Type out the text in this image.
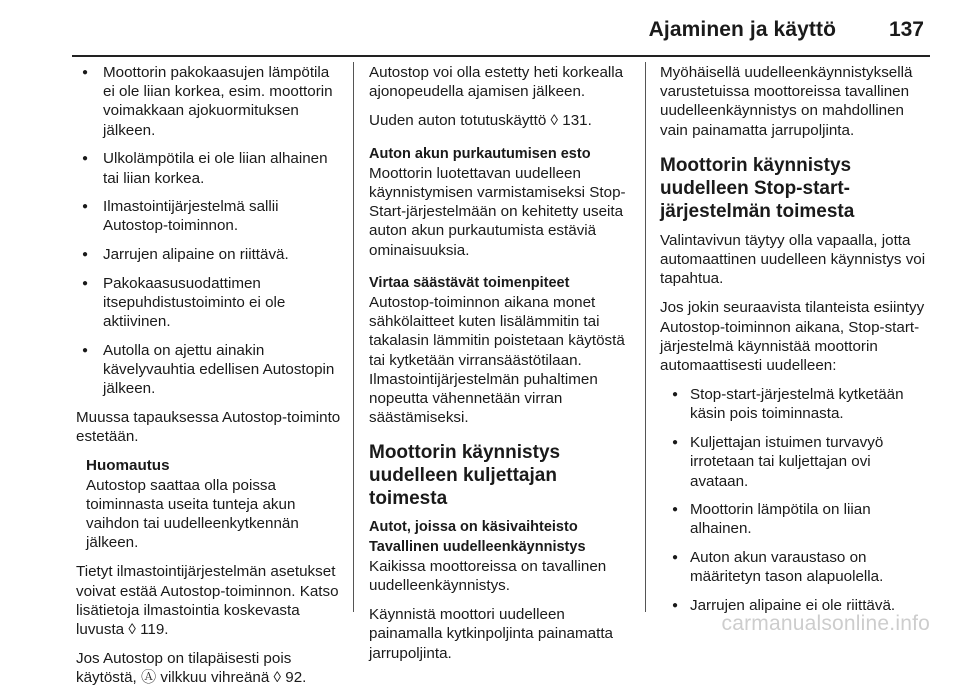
Ajaminen ja käyttö	137
● Moottorin pakokaasujen lämpötila ei ole liian korkea, esim. moottorin voimakkaan ajokuormituksen jälkeen.
● Ulkolämpötila ei ole liian alhainen tai liian korkea.
● Ilmastointijärjestelmä sallii Autostop-toiminnon.
● Jarrujen alipaine on riittävä.
● Pakokaasusuodattimen itsepuhdistustoiminto ei ole aktiivinen.
● Autolla on ajettu ainakin kävelyvauhtia edellisen Autostopin jälkeen.

Muussa tapauksessa Autostop-toiminto estetään.

Huomautus
Autostop saattaa olla poissa toiminnasta useita tunteja akun vaihdon tai uudelleenkytkennän jälkeen.

Tietyt ilmastointijärjestelmän asetukset voivat estää Autostop-toiminnon. Katso lisätietoja ilmastointia koskevasta luvusta ◊ 119.

Jos Autostop on tilapäisesti pois käytöstä, Ⓐ vilkkuu vihreänä ◊ 92.

Autostop voi olla estetty heti korkealla ajonopeudella ajamisen jälkeen.

Uuden auton totutuskäyttö ◊ 131.

Auton akun purkautumisen esto

Moottorin luotettavan uudelleen käynnistymisen varmistamiseksi Stop-Start-järjestelmään on kehitetty useita auton akun purkautumista estäviä ominaisuuksia.

Virtaa säästävät toimenpiteet

Autostop-toiminnon aikana monet sähkölaitteet kuten lisälämmitin tai takalasin lämmitin poistetaan käytöstä tai kytketään virransäästötilaan. Ilmastointijärjestelmän puhaltimen nopeutta vähennetään virran säästämiseksi.

Moottorin käynnistys uudelleen kuljettajan toimesta

Autot, joissa on käsivaihteisto

Tavallinen uudelleenkäynnistys

Kaikissa moottoreissa on tavallinen uudelleenkäynnistys.

Käynnistä moottori uudelleen painamalla kytkinpoljinta painamatta jarrupoljinta.

Myöhäisellä uudelleenkäynnistyksellä varustetuissa moottoreissa tavallinen uudelleenkäynnistys on mahdollinen vain painamatta jarrupoljinta.

Moottorin käynnistys uudelleen Stop-start-järjestelmän toimesta

Valintavivun täytyy olla vapaalla, jotta automaattinen uudelleen käynnistys voi tapahtua.

Jos jokin seuraavista tilanteista esiintyy Autostop-toiminnon aikana, Stop-start-järjestelmä käynnistää moottorin automaattisesti uudelleen:

● Stop-start-järjestelmä kytketään käsin pois toiminnasta.
● Kuljettajan istuimen turvavyö irrotetaan tai kuljettajan ovi avataan.
● Moottorin lämpötila on liian alhainen.
● Auton akun varaustaso on määritetyn tason alapuolella.
● Jarrujen alipaine ei ole riittävä.
carmanualsonline.info
